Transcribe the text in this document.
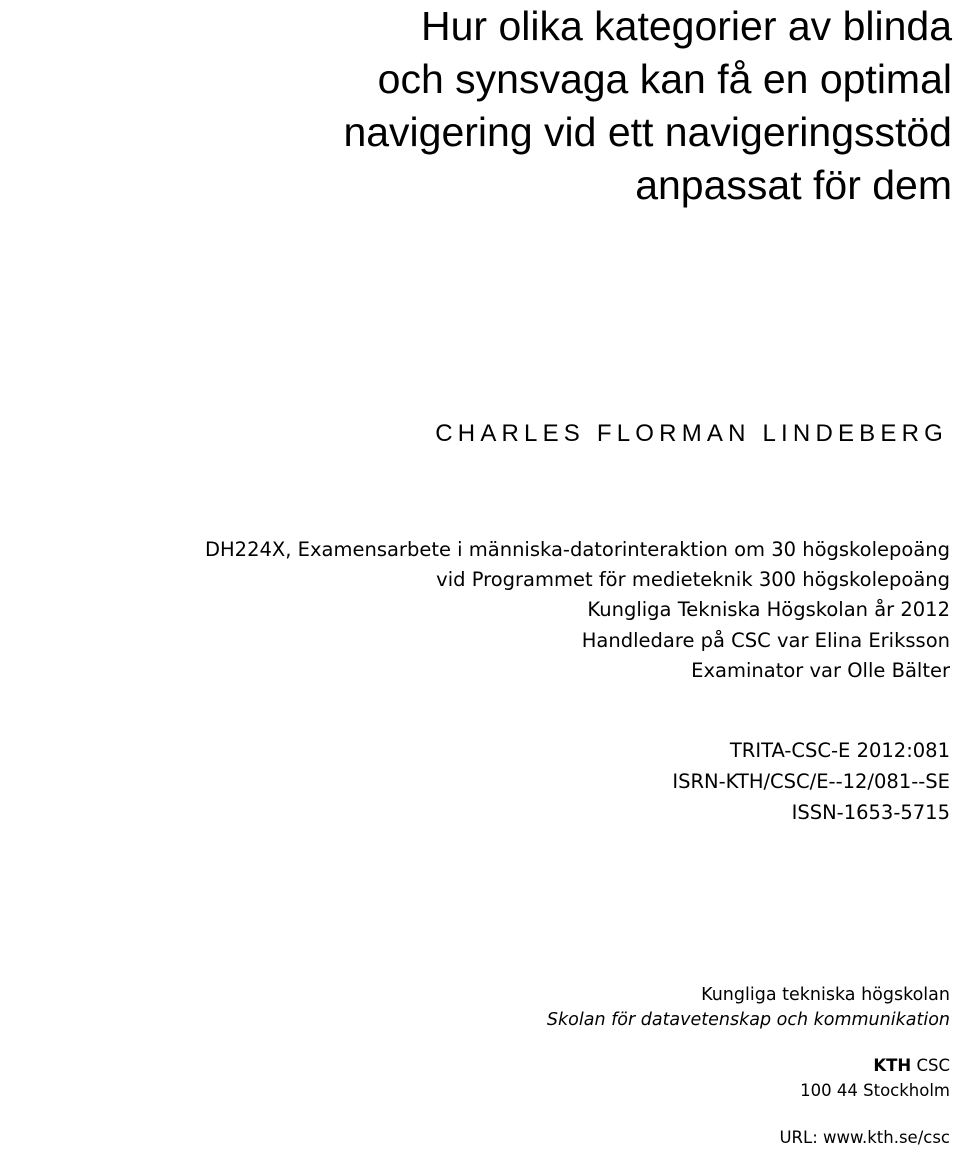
Hur olika kategorier av blinda
och synsvaga kan få en optimal
navigering vid ett navigeringsstöd
anpassat för dem
CHARLES FLORMAN LINDEBERG
DH224X, Examensarbete i människa-datorinteraktion om 30 högskolepoäng
vid Programmet för medieteknik 300 högskolepoäng
Kungliga Tekniska Högskolan år 2012
Handledare på CSC var Elina Eriksson
Examinator var Olle Bälter
TRITA-CSC-E 2012:081
ISRN-KTH/CSC/E--12/081--SE
ISSN-1653-5715
Kungliga tekniska högskolan
Skolan för datavetenskap och kommunikation
KTH CSC
100 44 Stockholm
URL: www.kth.se/csc
